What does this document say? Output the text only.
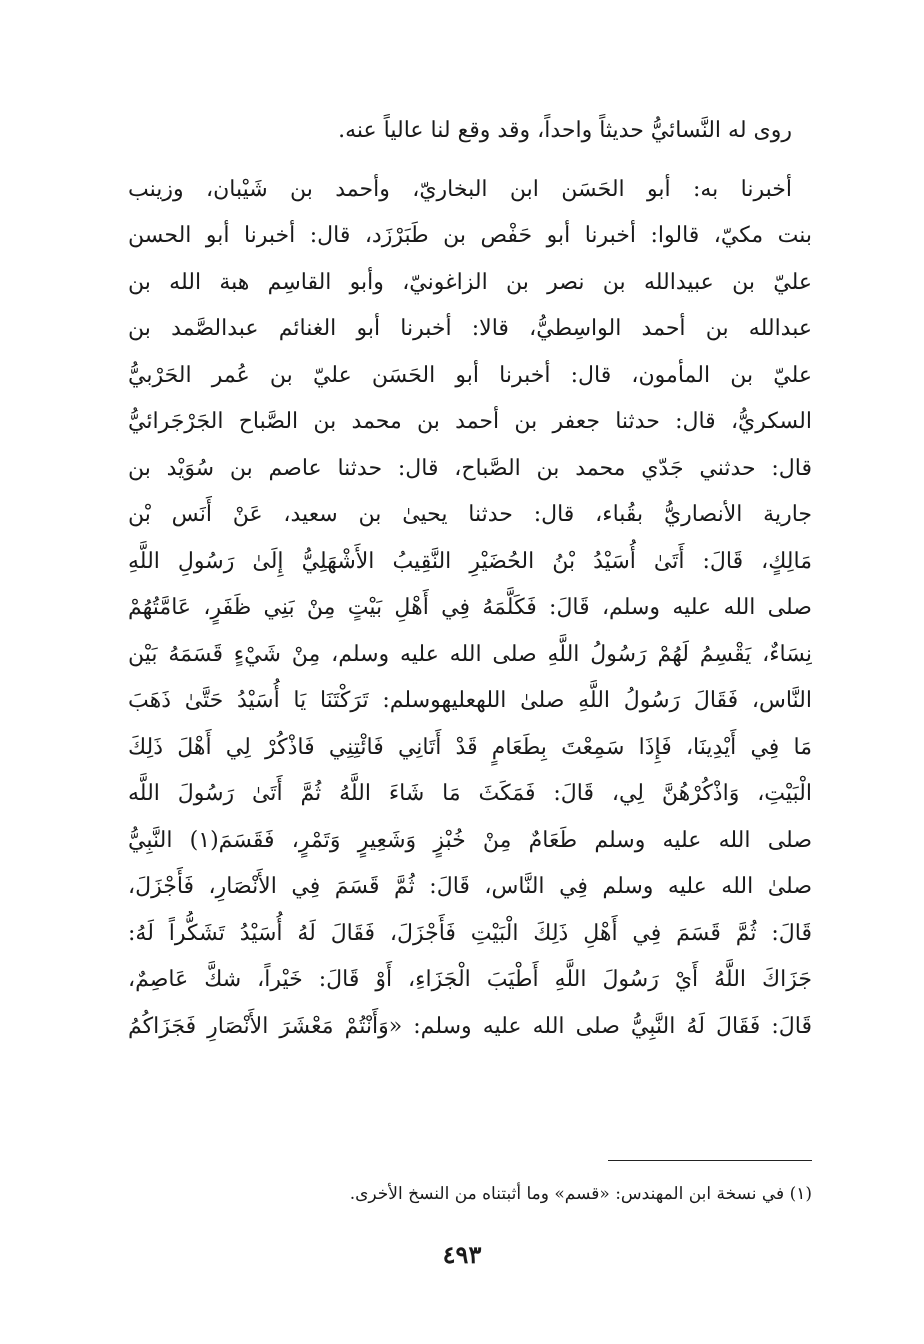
روى له النَّسائيُّ حديثاً واحداً، وقد وقع لنا عالياً عنه.
أخبرنا به: أبو الحَسَن ابن البخاريّ، وأحمد بن شَيْبان، وزينب
بنت مكيّ، قالوا: أخبرنا أبو حَفْص بن طَبَرْزَد، قال: أخبرنا أبو الحسن
عليّ بن عبيدالله بن نصر بن الزاغونيّ، وأبو القاسِم هبة الله بن
عبدالله بن أحمد الواسِطيُّ، قالا: أخبرنا أبو الغنائم عبدالصَّمد بن
عليّ بن المأمون، قال: أخبرنا أبو الحَسَن عليّ بن عُمر الحَرْبيُّ
السكريُّ، قال: حدثنا جعفر بن أحمد بن محمد بن الصَّباح الجَرْجَرائيُّ
قال: حدثني جَدّي محمد بن الصَّباح، قال: حدثنا عاصم بن سُوَيْد بن
جارية الأنصاريُّ بقُباء، قال: حدثنا يحيىٰ بن سعيد، عَنْ أَنَس بْن
مَالِكٍ، قَالَ: أَتَىٰ أُسَيْدُ بْنُ الحُضَيْرِ النَّقِيبُ الأَشْهَلِيُّ إِلَىٰ رَسُولِ اللَّهِ
صلى الله عليه وسلم، قَالَ: فَكَلَّمَهُ فِي أَهْلِ بَيْتٍ مِنْ بَنِي ظَفَرٍ، عَامَّتُهُمْ
نِسَاءٌ، يَقْسِمُ لَهُمْ رَسُولُ اللَّهِ صلى الله عليه وسلم، مِنْ شَيْءٍ قَسَمَهُ بَيْن
النَّاس، فَقَالَ رَسُولُ اللَّهِ صلىٰ اللهعليهوسلم: تَرَكْتَنَا يَا أُسَيْدُ حَتَّىٰ ذَهَبَ
مَا فِي أَيْدِينَا، فَإِذَا سَمِعْتَ بِطَعَامٍ قَدْ أَتَانِي فَائْتِنِي فَاذْكُرْ لِي أَهْلَ ذَلِكَ
الْبَيْتِ، وَاذْكُرْهُنَّ لِي، قَالَ: فَمَكَثَ مَا شَاءَ اللَّهُ ثُمَّ أَتَىٰ رَسُولَ اللَّه
صلى الله عليه وسلم طَعَامٌ مِنْ خُبْزٍ وَشَعِيرٍ وَتَمْرٍ، فَقَسَمَ(١) النَّبِيُّ
صلىٰ الله عليه وسلم فِي النَّاس، قَالَ: ثُمَّ قَسَمَ فِي الأَنْصَارِ، فَأَجْزَلَ،
قَالَ: ثُمَّ قَسَمَ فِي أَهْلِ ذَلِكَ الْبَيْتِ فَأَجْزَلَ، فَقَالَ لَهُ أُسَيْدُ تَشَكُّراً لَهُ:
جَزَاكَ اللَّهُ أَيْ رَسُولَ اللَّهِ أَطْيَبَ الْجَزَاءِ، أَوْ قَالَ: خَيْراً، شكَّ عَاصِمٌ،
قَالَ: فَقَالَ لَهُ النَّبِيُّ صلى الله عليه وسلم: «وَأَنْتُمْ مَعْشَرَ الأَنْصَارِ فَجَزَاكُمُ
(١) في نسخة ابن المهندس: «قسم» وما أثبتناه من النسخ الأخرى.
٤٩٣
